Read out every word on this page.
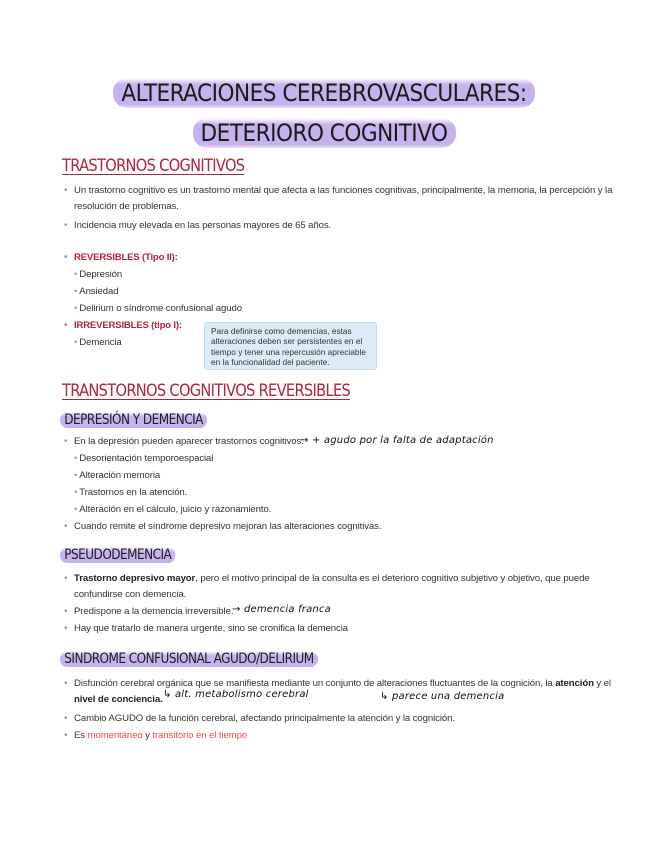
ALTERACIONES CEREBROVASCULARES:
DETERIORO COGNITIVO
TRASTORNOS COGNITIVOS
• Un trastorno cognitivo es un trastorno mental que afecta a las funciones cognitivas, principalmente, la memoria, la percepción y la
resolución de problemas.
• Incidencia muy elevada en las personas mayores de 65 años.
• REVERSIBLES (Tipo II):
• Depresión
• Ansiedad
• Delirium o síndrome confusional agudo
• IRREVERSIBLES (tipo I):
• Demencia
Para definirse como demencias, estas alteraciones deben ser persistentes en el tiempo y tener una repercusión apreciable en la funcionalidad del paciente.
TRANSTORNOS COGNITIVOS REVERSIBLES
DEPRESIÓN Y DEMENCIA
• En la depresión pueden aparecer trastornos cognitivos:
→ + agudo por la falta de adaptación
• Desorientación temporoespacial
• Alteración memoria
• Trastornos en la atención.
• Alteración en el cálculo, juicio y razonamiento.
• Cuando remite el síndrome depresivo mejoran las alteraciones cognitivas.
PSEUDODEMENCIA
• Trastorno depresivo mayor, pero el motivo principal de la consulta es el deterioro cognitivo subjetivo y objetivo, que puede
confundirse con demencia.
• Predispone a la demencia irreversible.
→ demencia franca
• Hay que tratarlo de manera urgente, sino se cronifica la demencia
SINDROME CONFUSIONAL AGUDO/DELIRIUM
• Disfunción cerebral orgánica que se manifiesta mediante un conjunto de alteraciones fluctuantes de la cognición, la atención y el
nivel de conciencia. ↳ alt. metabolismo cerebral	↳ parece una demencia
• Cambio AGUDO de la función cerebral, afectando principalmente la atención y la cognición.
• Es momentáneo y transitorio en el tiempo
